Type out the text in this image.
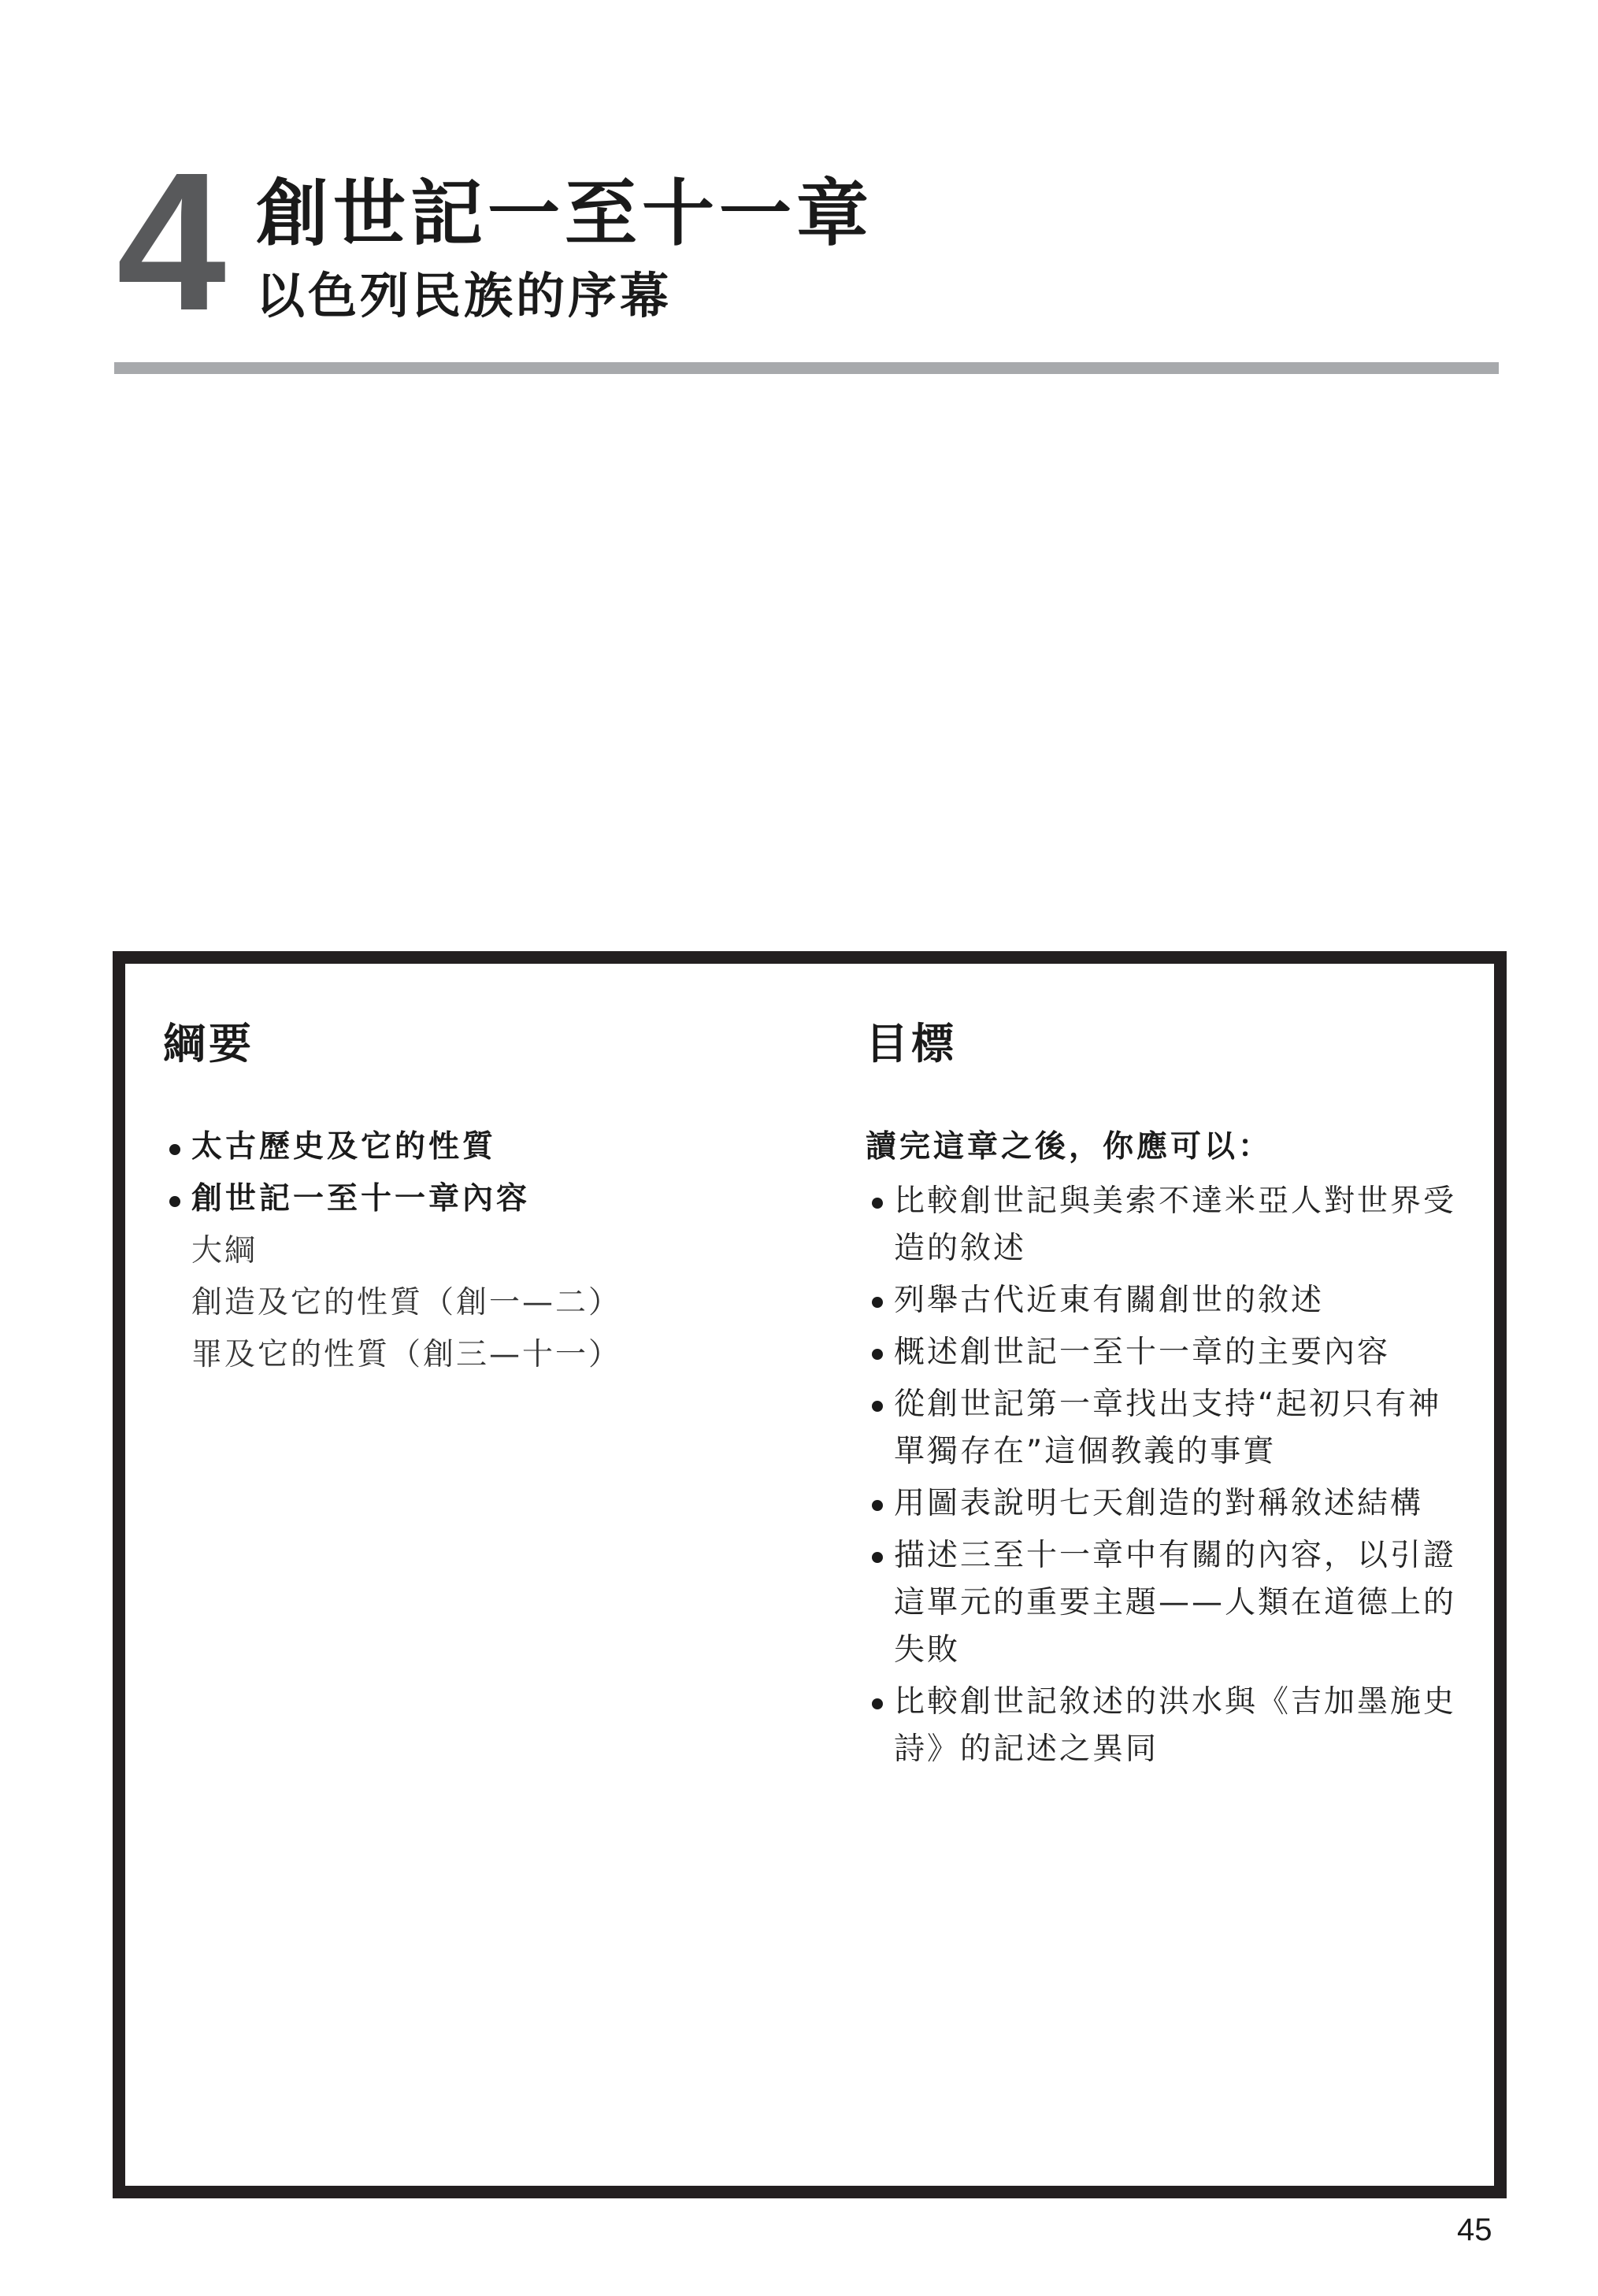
4 創世記一至十一章
以色列民族的序幕
綱要
太古歷史及它的性質
創世記一至十一章內容
大綱
創造及它的性質（創一—二）
罪及它的性質（創三—十一）
目標
讀完這章之後，你應可以：
比較創世記與美索不達米亞人對世界受
造的敘述
列舉古代近東有關創世的敘述
概述創世記一至十一章的主要內容
從創世記第一章找出支持“起初只有神
單獨存在”這個教義的事實
用圖表說明七天創造的對稱敘述結構
描述三至十一章中有關的內容，以引證
這單元的重要主題——人類在道德上的
失敗
比較創世記敘述的洪水與《吉加墨施史
詩》的記述之異同
45
